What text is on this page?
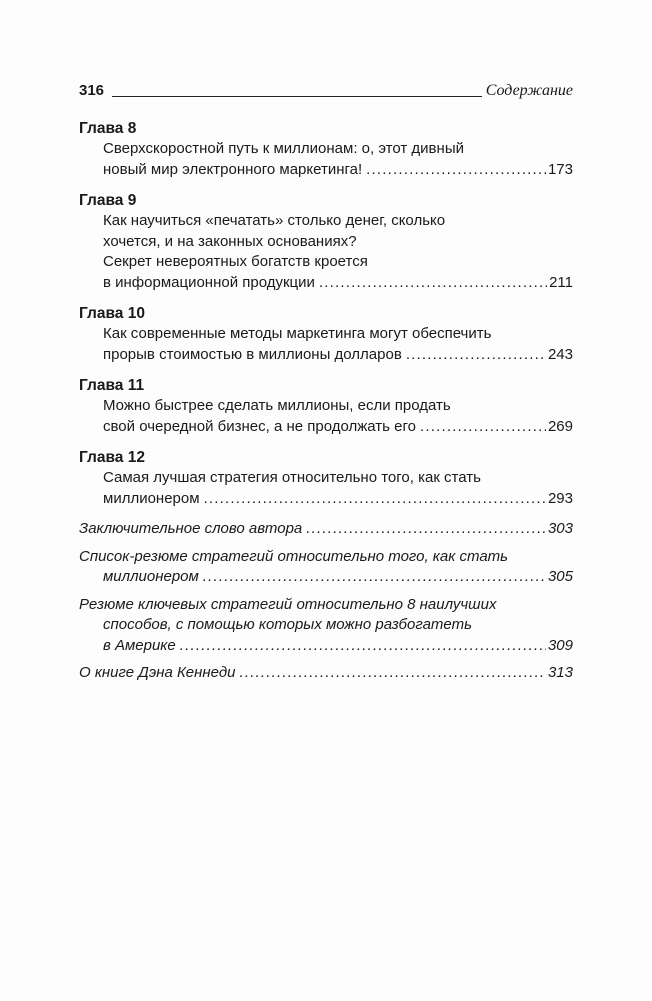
316	Содержание
Глава 8
Сверхскоростной путь к миллионам: о, этот дивный
новый мир электронного маркетинга! .....	173
Глава 9
Как научиться «печатать» столько денег, сколько
хочется, и на законных основаниях?
Секрет невероятных богатств кроется
в информационной продукции .....	211
Глава 10
Как современные методы маркетинга могут обеспечить
прорыв стоимостью в миллионы долларов .....	243
Глава 11
Можно быстрее сделать миллионы, если продать
свой очередной бизнес, а не продолжать его .....	269
Глава 12
Самая лучшая стратегия относительно того, как стать
миллионером .....	293
Заключительное слово автора .....	303
Список-резюме стратегий относительно того, как стать
миллионером .....	305
Резюме ключевых стратегий относительно 8 наилучших
способов, с помощью которых можно разбогатеть
в Америке .....	309
О книге Дэна Кеннеди .....	313
